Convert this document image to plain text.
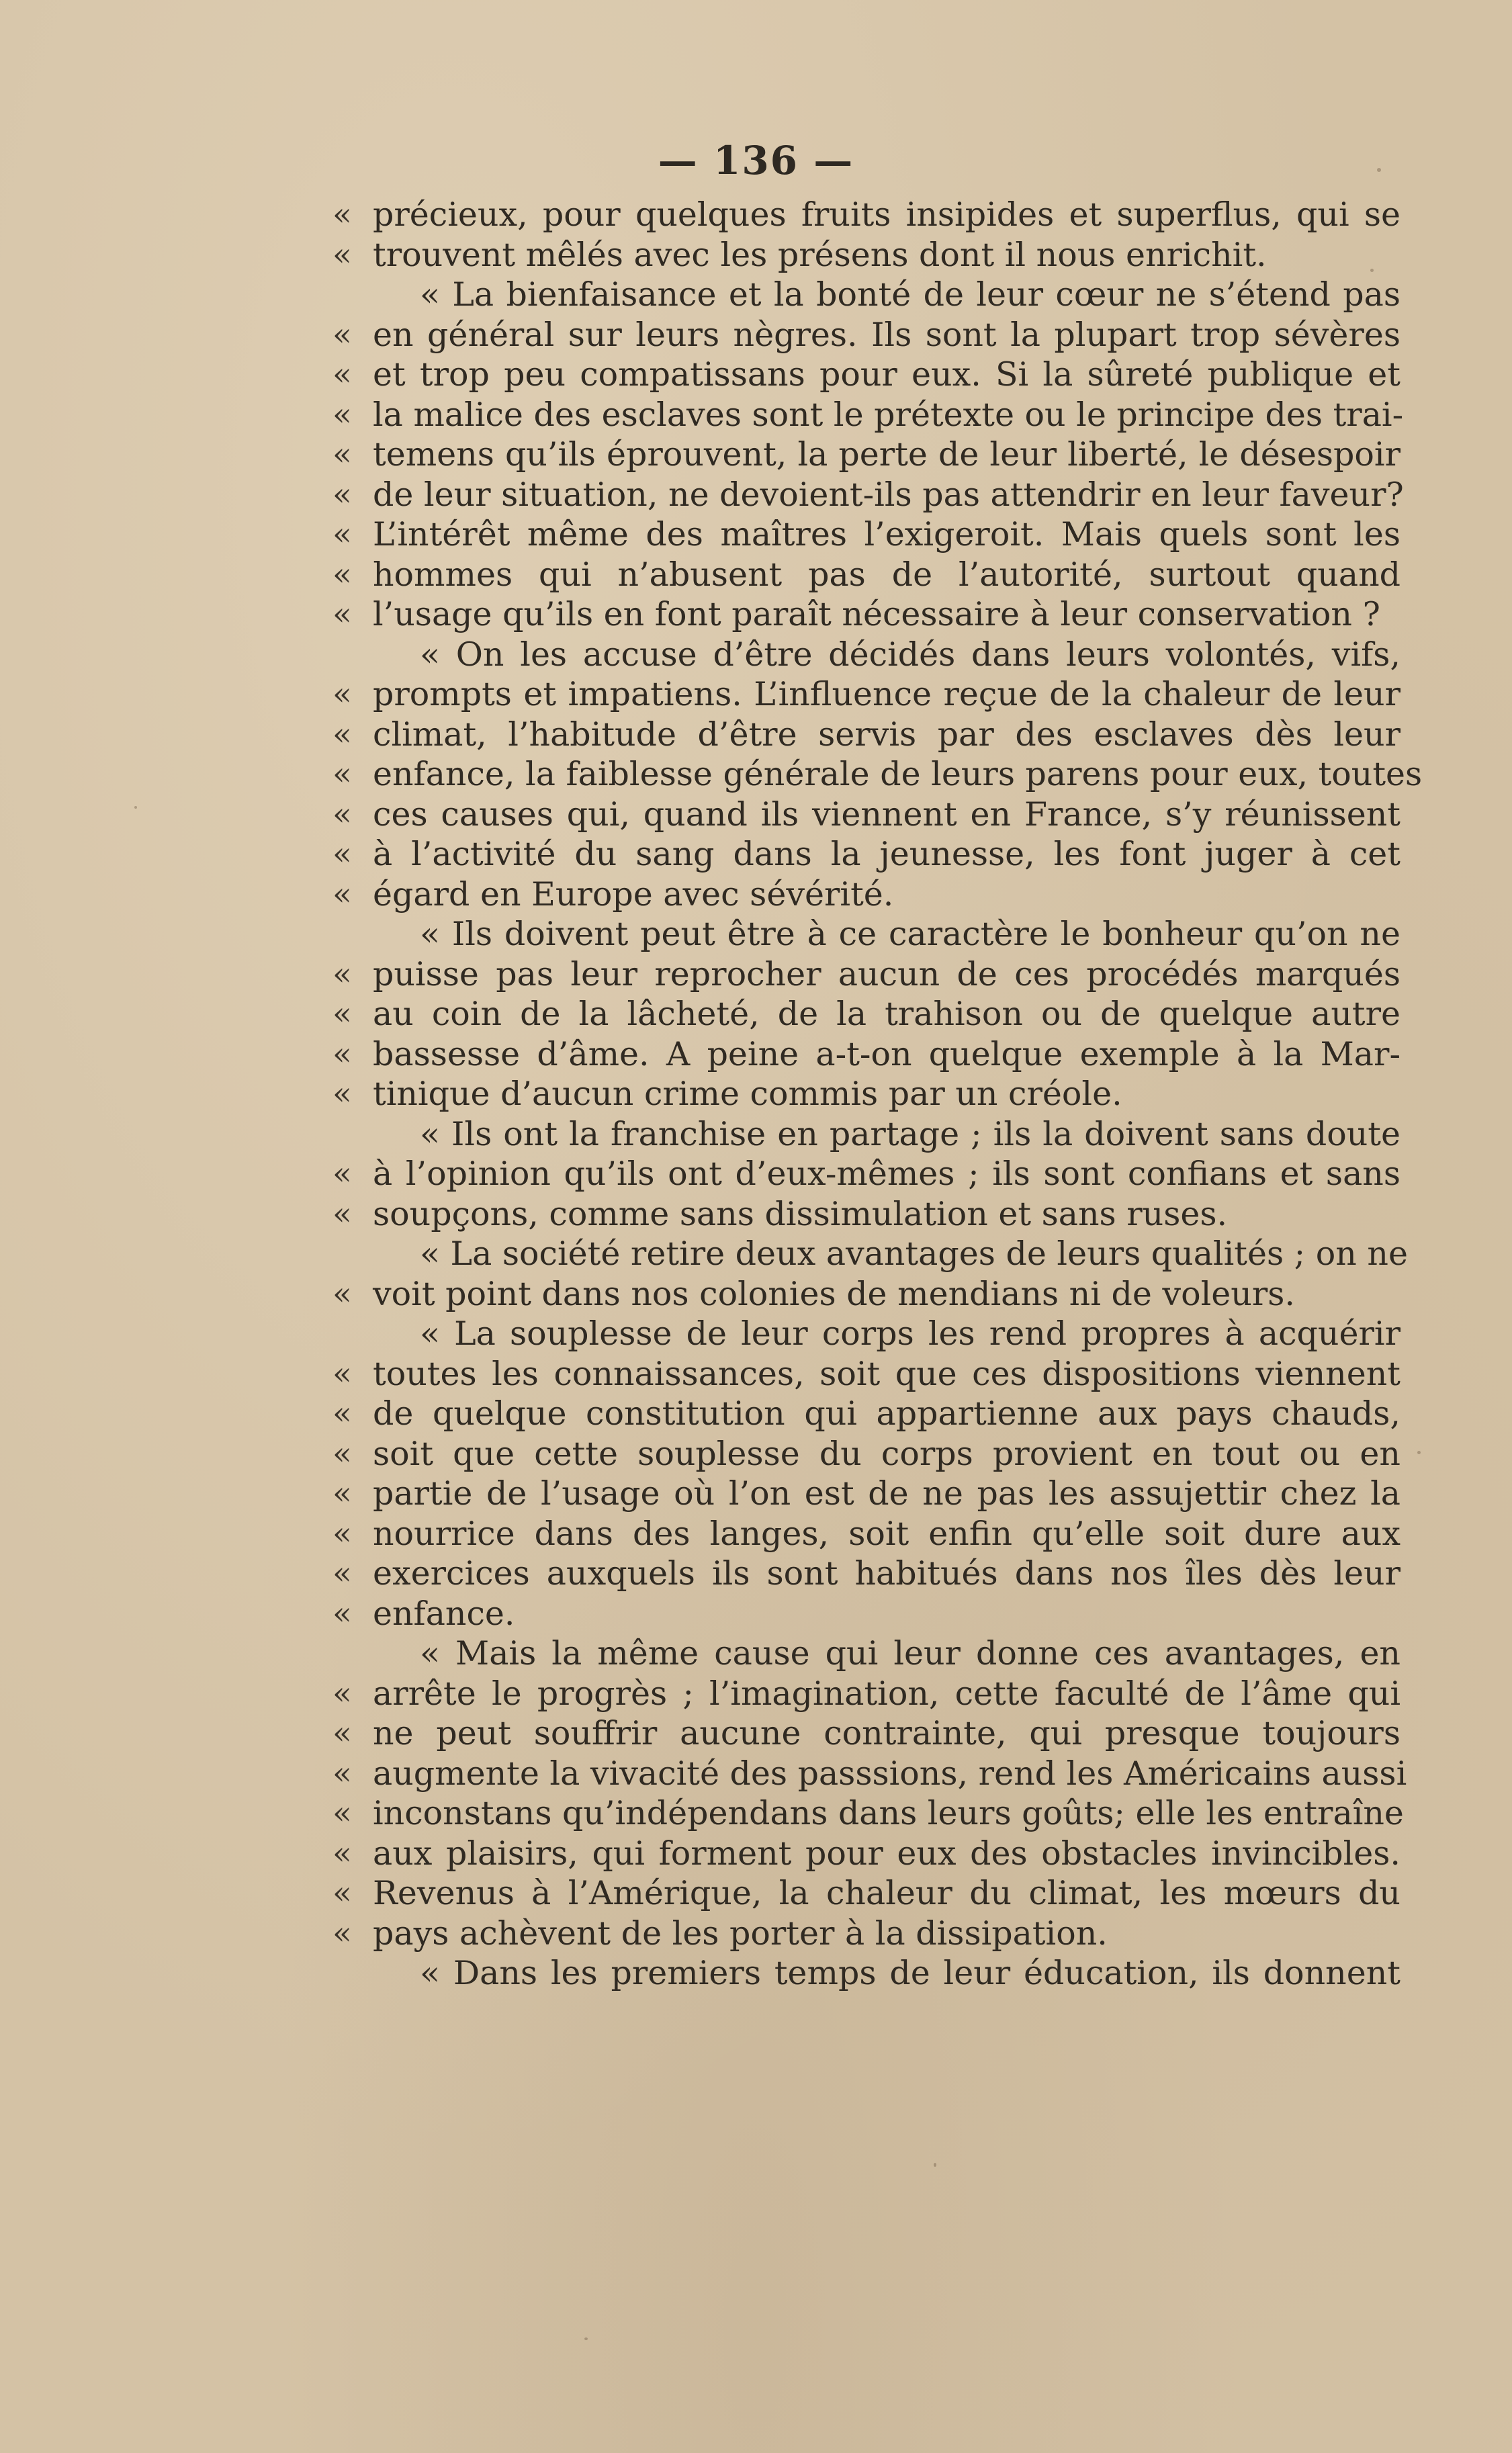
— 136 —
« précieux, pour quelques fruits insipides et superflus, qui se
« trouvent mêlés avec les présens dont il nous enrichit.
« La bienfaisance et la bonté de leur cœur ne s’étend pas
« en général sur leurs nègres. Ils sont la plupart trop sévères
« et trop peu compatissans pour eux. Si la sûreté publique et
« la malice des esclaves sont le prétexte ou le principe des trai-
« temens qu’ils éprouvent, la perte de leur liberté, le désespoir
« de leur situation, ne devoient-ils pas attendrir en leur faveur?
« L’intérêt même des maîtres l’exigeroit. Mais quels sont les
« hommes qui n’abusent pas de l’autorité, surtout quand
« l’usage qu’ils en font paraît nécessaire à leur conservation ?
« On les accuse d’être décidés dans leurs volontés, vifs,
« prompts et impatiens. L’influence reçue de la chaleur de leur
« climat, l’habitude d’être servis par des esclaves dès leur
« enfance, la faiblesse générale de leurs parens pour eux, toutes
« ces causes qui, quand ils viennent en France, s’y réunissent
« à l’activité du sang dans la jeunesse, les font juger à cet
« égard en Europe avec sévérité.
« Ils doivent peut être à ce caractère le bonheur qu’on ne
« puisse pas leur reprocher aucun de ces procédés marqués
« au coin de la lâcheté, de la trahison ou de quelque autre
« bassesse d’âme. A peine a-t-on quelque exemple à la Mar-
« tinique d’aucun crime commis par un créole.
« Ils ont la franchise en partage ; ils la doivent sans doute
« à l’opinion qu’ils ont d’eux-mêmes ; ils sont confians et sans
« soupçons, comme sans dissimulation et sans ruses.
« La société retire deux avantages de leurs qualités ; on ne
« voit point dans nos colonies de mendians ni de voleurs.
« La souplesse de leur corps les rend propres à acquérir
« toutes les connaissances, soit que ces dispositions viennent
« de quelque constitution qui appartienne aux pays chauds,
« soit que cette souplesse du corps provient en tout ou en
« partie de l’usage où l’on est de ne pas les assujettir chez la
« nourrice dans des langes, soit enfin qu’elle soit dure aux
« exercices auxquels ils sont habitués dans nos îles dès leur
« enfance.
« Mais la même cause qui leur donne ces avantages, en
« arrête le progrès ; l’imagination, cette faculté de l’âme qui
« ne peut souffrir aucune contrainte, qui presque toujours
« augmente la vivacité des passsions, rend les Américains aussi
« inconstans qu’indépendans dans leurs goûts; elle les entraîne
« aux plaisirs, qui forment pour eux des obstacles invincibles.
« Revenus à l’Amérique, la chaleur du climat, les mœurs du
« pays achèvent de les porter à la dissipation.
« Dans les premiers temps de leur éducation, ils donnent
